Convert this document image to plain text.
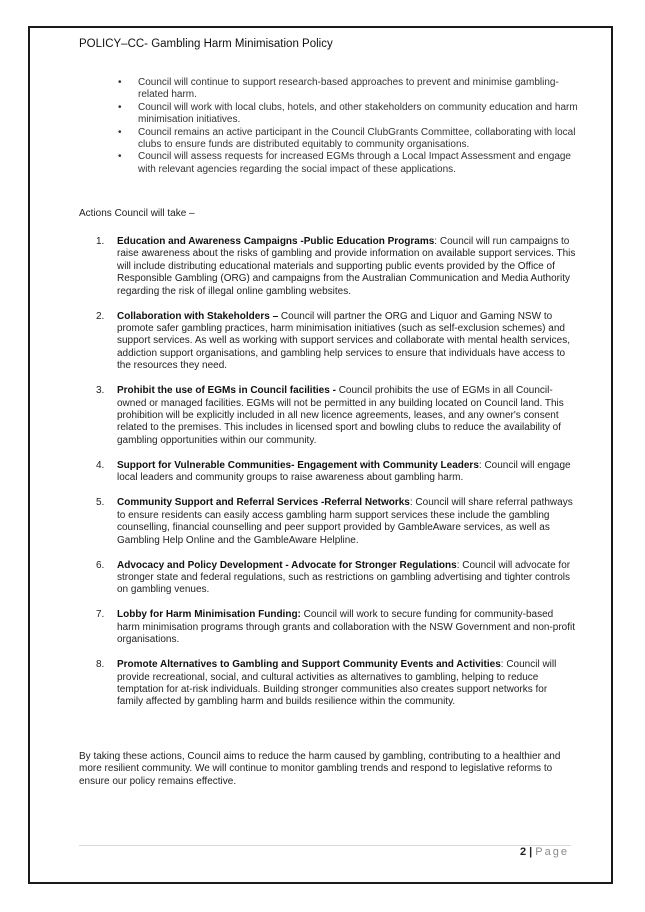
POLICY–CC- Gambling Harm Minimisation Policy
• Council will continue to support research-based approaches to prevent and minimise gambling-related harm.
• Council will work with local clubs, hotels, and other stakeholders on community education and harm minimisation initiatives.
• Council remains an active participant in the Council ClubGrants Committee, collaborating with local clubs to ensure funds are distributed equitably to community organisations.
• Council will assess requests for increased EGMs through a Local Impact Assessment and engage with relevant agencies regarding the social impact of these applications.
Actions Council will take –
1. Education and Awareness Campaigns -Public Education Programs: Council will run campaigns to raise awareness about the risks of gambling and provide information on available support services. This will include distributing educational materials and supporting public events provided by the Office of Responsible Gambling (ORG) and campaigns from the Australian Communication and Media Authority regarding the risk of illegal online gambling websites.
2. Collaboration with Stakeholders – Council will partner the ORG and Liquor and Gaming NSW to promote safer gambling practices, harm minimisation initiatives (such as self-exclusion schemes) and support services. As well as working with support services and collaborate with mental health services, addiction support organisations, and gambling help services to ensure that individuals have access to the resources they need.
3. Prohibit the use of EGMs in Council facilities - Council prohibits the use of EGMs in all Council-owned or managed facilities. EGMs will not be permitted in any building located on Council land. This prohibition will be explicitly included in all new licence agreements, leases, and any owner's consent related to the premises. This includes in licensed sport and bowling clubs to reduce the availability of gambling opportunities within our community.
4. Support for Vulnerable Communities- Engagement with Community Leaders: Council will engage local leaders and community groups to raise awareness about gambling harm.
5. Community Support and Referral Services -Referral Networks: Council will share referral pathways to ensure residents can easily access gambling harm support services these include the gambling counselling, financial counselling and peer support provided by GambleAware services, as well as Gambling Help Online and the GambleAware Helpline.
6. Advocacy and Policy Development - Advocate for Stronger Regulations: Council will advocate for stronger state and federal regulations, such as restrictions on gambling advertising and tighter controls on gambling venues.
7. Lobby for Harm Minimisation Funding: Council will work to secure funding for community-based harm minimisation programs through grants and collaboration with the NSW Government and non-profit organisations.
8. Promote Alternatives to Gambling and Support Community Events and Activities: Council will provide recreational, social, and cultural activities as alternatives to gambling, helping to reduce temptation for at-risk individuals. Building stronger communities also creates support networks for family affected by gambling harm and builds resilience within the community.

By taking these actions, Council aims to reduce the harm caused by gambling, contributing to a healthier and more resilient community. We will continue to monitor gambling trends and respond to legislative reforms to ensure our policy remains effective.

2 | Page
